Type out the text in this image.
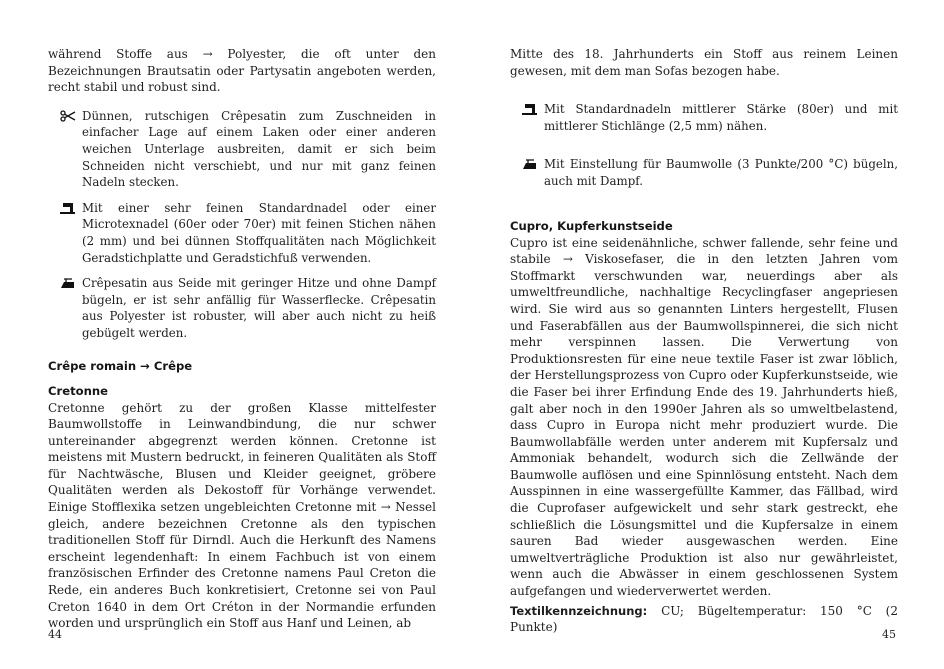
während Stoffe aus → Polyester, die oft unter den Bezeichnungen Brautsatin oder Partysatin angeboten werden, recht stabil und robust sind.

Dünnen, rutschigen Crêpesatin zum Zuschneiden in einfacher Lage auf einem Laken oder einer anderen weichen Unterlage ausbreiten, damit er sich beim Schneiden nicht verschiebt, und nur mit ganz feinen Nadeln stecken.

Mit einer sehr feinen Standardnadel oder einer Microtexnadel (60er oder 70er) mit feinen Stichen nähen (2 mm) und bei dünnen Stoffqualitäten nach Möglichkeit Geradstichplatte und Geradstichfuß verwenden.

Crêpesatin aus Seide mit geringer Hitze und ohne Dampf bügeln, er ist sehr anfällig für Wasserflecke. Crêpesatin aus Polyester ist robuster, will aber auch nicht zu heiß gebügelt werden.

Crêpe romain → Crêpe
Cretonne

Cretonne gehört zu der großen Klasse mittelfester Baumwollstoffe in Leinwandbindung, die nur schwer untereinander abgegrenzt werden können. Cretonne ist meistens mit Mustern bedruckt, in feineren Qualitäten als Stoff für Nachtwäsche, Blusen und Kleider geeignet, gröbere Qualitäten werden als Dekostoff für Vorhänge verwendet. Einige Stofflexika setzen ungebleichten Cretonne mit → Nessel gleich, andere bezeichnen Cretonne als den typischen traditionellen Stoff für Dirndl. Auch die Herkunft des Namens erscheint legendenhaft: In einem Fachbuch ist von einem französischen Erfinder des Cretonne namens Paul Creton die Rede, ein anderes Buch konkretisiert, Cretonne sei von Paul Creton 1640 in dem Ort Créton in der Normandie erfunden worden und ursprünglich ein Stoff aus Hanf und Leinen, ab

Mitte des 18. Jahrhunderts ein Stoff aus reinem Leinen gewesen, mit dem man Sofas bezogen habe.

Mit Standardnadeln mittlerer Stärke (80er) und mit mittlerer Stichlänge (2,5 mm) nähen.

Mit Einstellung für Baumwolle (3 Punkte/200 °C) bügeln, auch mit Dampf.

Cupro, Kupferkunstseide

Cupro ist eine seidenähnliche, schwer fallende, sehr feine und stabile → Viskosefaser, die in den letzten Jahren vom Stoffmarkt verschwunden war, neuerdings aber als umweltfreundliche, nachhaltige Recyclingfaser angepriesen wird. Sie wird aus so genannten Linters hergestellt, Flusen und Faserabfällen aus der Baumwollspinnerei, die sich nicht mehr verspinnen lassen. Die Verwertung von Produktionsresten für eine neue textile Faser ist zwar löblich, der Herstellungsprozess von Cupro oder Kupferkunstseide, wie die Faser bei ihrer Erfindung Ende des 19. Jahrhunderts hieß, galt aber noch in den 1990er Jahren als so umweltbelastend, dass Cupro in Europa nicht mehr produziert wurde. Die Baumwollabfälle werden unter anderem mit Kupfersalz und Ammoniak behandelt, wodurch sich die Zellwände der Baumwolle auflösen und eine Spinnlösung entsteht. Nach dem Ausspinnen in eine wassergefüllte Kammer, das Fällbad, wird die Cuprofaser aufgewickelt und sehr stark gestreckt, ehe schließlich die Lösungsmittel und die Kupfersalze in einem sauren Bad wieder ausgewaschen werden. Eine umweltverträgliche Produktion ist also nur gewährleistet, wenn auch die Abwässer in einem geschlossenen System aufgefangen und wiederverwertet werden.

Textilkennzeichnung: CU; Bügeltemperatur: 150 °C (2 Punkte)

44	45
